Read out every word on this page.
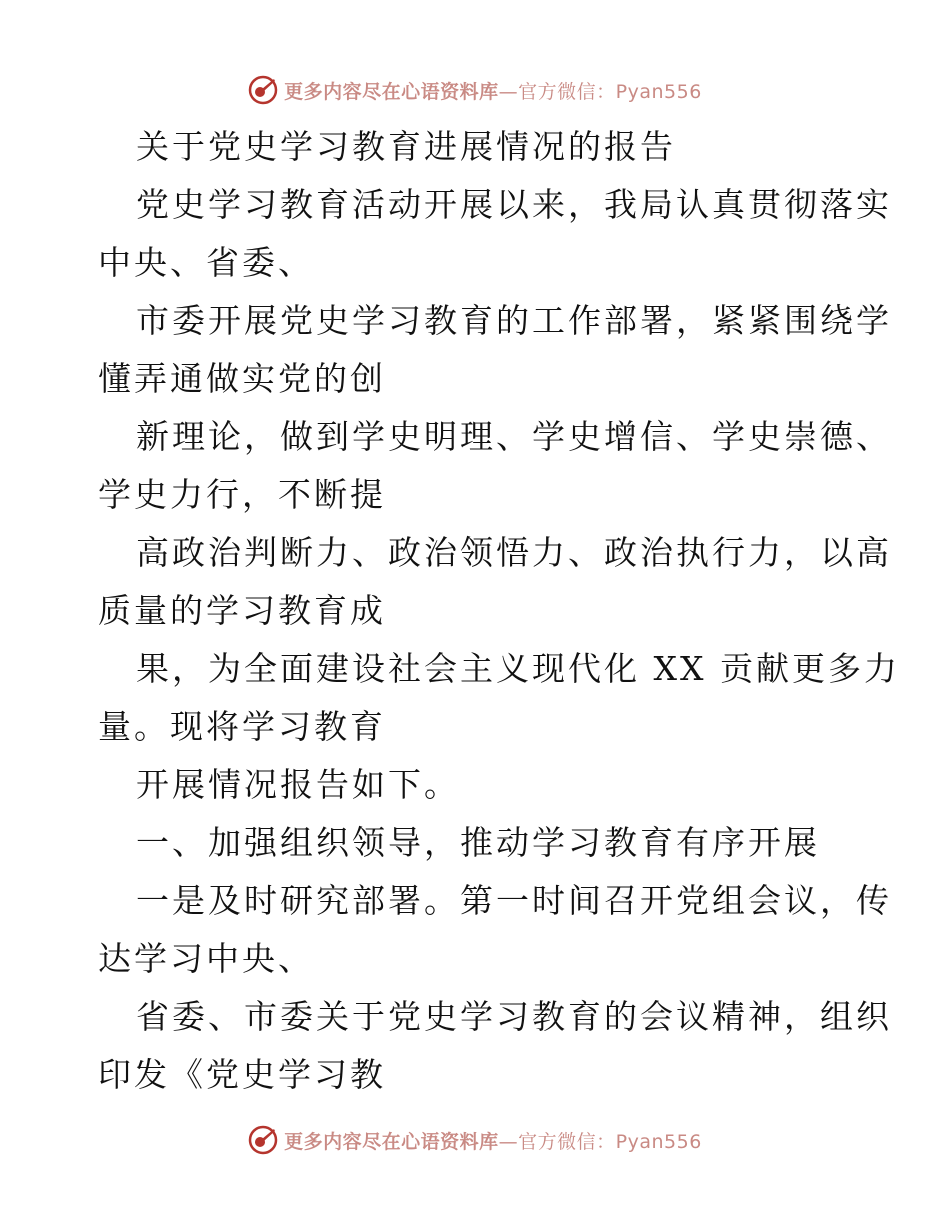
更多内容尽在心语资料库—官方微信：Pyan556
关于党史学习教育进展情况的报告
党史学习教育活动开展以来，我局认真贯彻落实
中央、省委、
市委开展党史学习教育的工作部署，紧紧围绕学
懂弄通做实党的创
新理论，做到学史明理、学史增信、学史崇德、
学史力行，不断提
高政治判断力、政治领悟力、政治执行力，以高
质量的学习教育成
果，为全面建设社会主义现代化 XX 贡献更多力
量。现将学习教育
开展情况报告如下。
一、加强组织领导，推动学习教育有序开展
一是及时研究部署。第一时间召开党组会议，传
达学习中央、
省委、市委关于党史学习教育的会议精神，组织
印发《党史学习教
更多内容尽在心语资料库—官方微信：Pyan556
